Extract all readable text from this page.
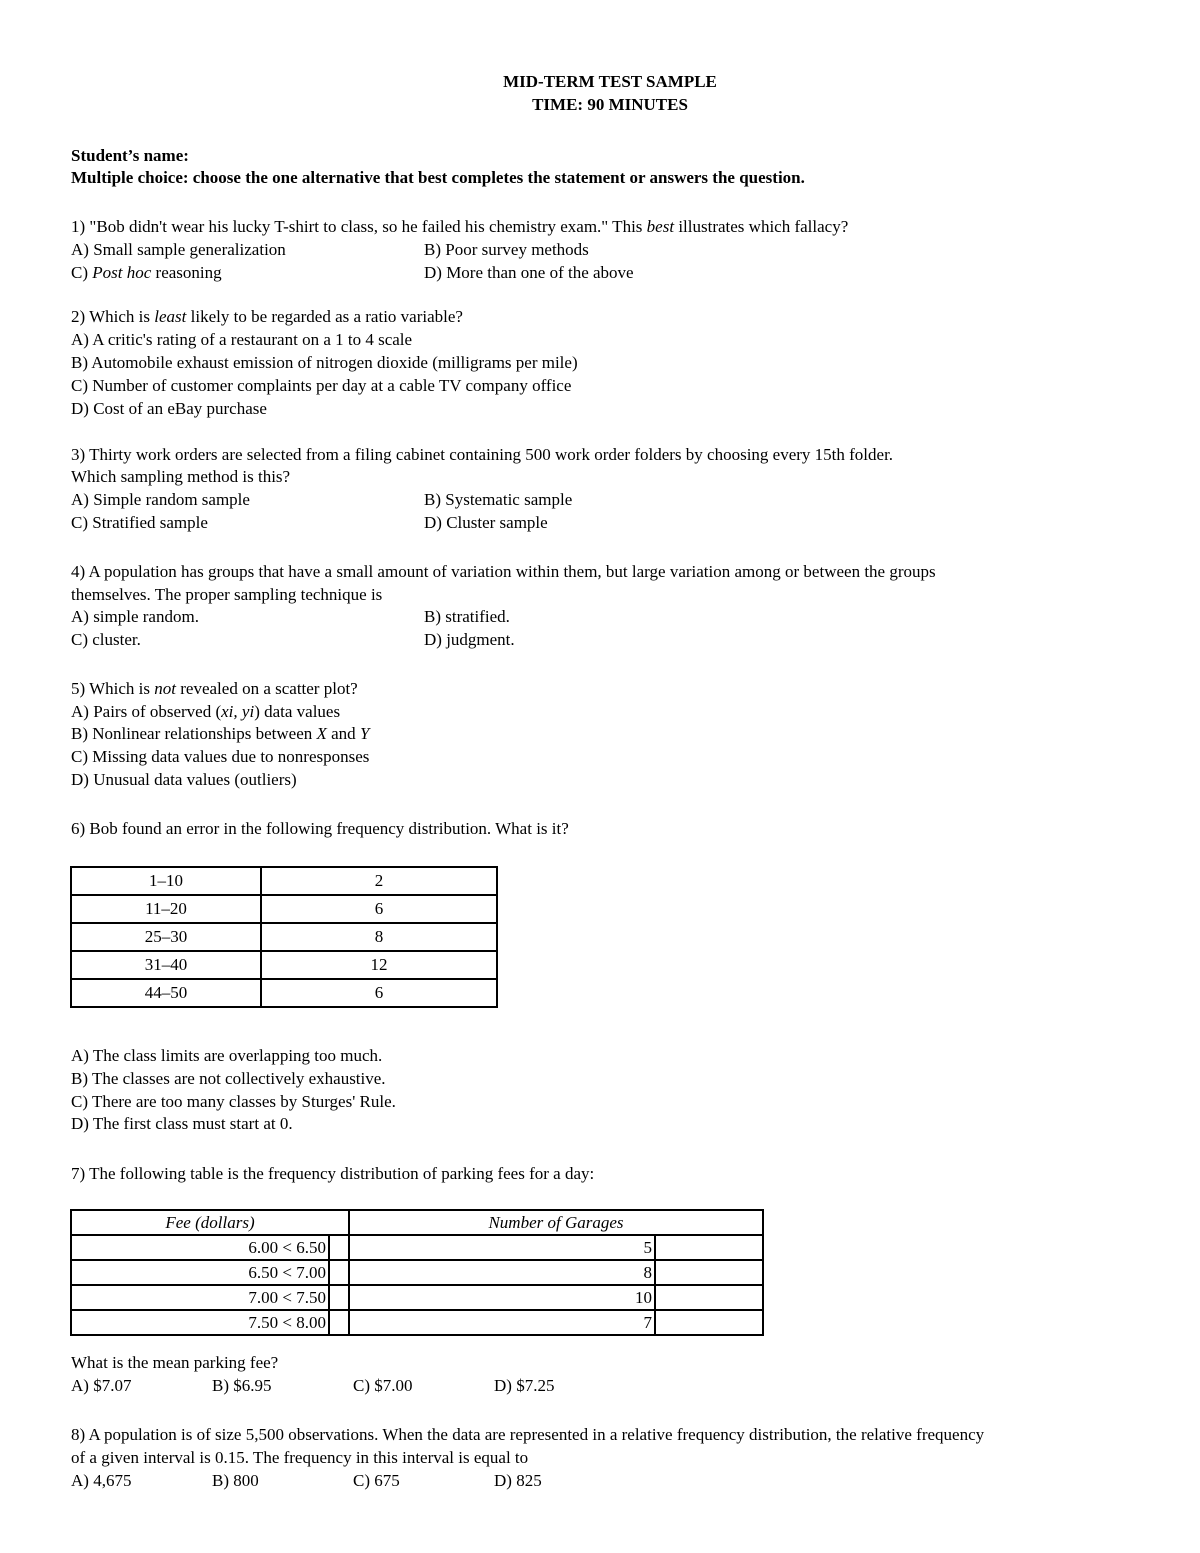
MID-TERM TEST SAMPLE
TIME: 90 MINUTES
Student’s name:
Multiple choice: choose the one alternative that best completes the statement or answers the question.
1) "Bob didn't wear his lucky T-shirt to class, so he failed his chemistry exam." This best illustrates which fallacy?
A) Small sample generalization	B) Poor survey methods
C) Post hoc reasoning	D) More than one of the above
2) Which is least likely to be regarded as a ratio variable?
A) A critic's rating of a restaurant on a 1 to 4 scale
B) Automobile exhaust emission of nitrogen dioxide (milligrams per mile)
C) Number of customer complaints per day at a cable TV company office
D) Cost of an eBay purchase
3) Thirty work orders are selected from a filing cabinet containing 500 work order folders by choosing every 15th folder.
Which sampling method is this?
A) Simple random sample	B) Systematic sample
C) Stratified sample	D) Cluster sample
4) A population has groups that have a small amount of variation within them, but large variation among or between the groups
themselves. The proper sampling technique is
A) simple random.	B) stratified.
C) cluster.	D) judgment.
5) Which is not revealed on a scatter plot?
A) Pairs of observed (xi, yi) data values
B) Nonlinear relationships between X and Y
C) Missing data values due to nonresponses
D) Unusual data values (outliers)
6) Bob found an error in the following frequency distribution. What is it?
1–10	2
11–20	6
25–30	8
31–40	12
44–50	6
A) The class limits are overlapping too much.
B) The classes are not collectively exhaustive.
C) There are too many classes by Sturges' Rule.
D) The first class must start at 0.
7) The following table is the frequency distribution of parking fees for a day:
Fee (dollars)		Number of Garages	
6.00 < 6.50		5	
6.50 < 7.00		8	
7.00 < 7.50		10	
7.50 < 8.00		7	
What is the mean parking fee?
A) $7.07	B) $6.95	C) $7.00	D) $7.25
8) A population is of size 5,500 observations. When the data are represented in a relative frequency distribution, the relative frequency
of a given interval is 0.15. The frequency in this interval is equal to
A) 4,675	B) 800	C) 675	D) 825
